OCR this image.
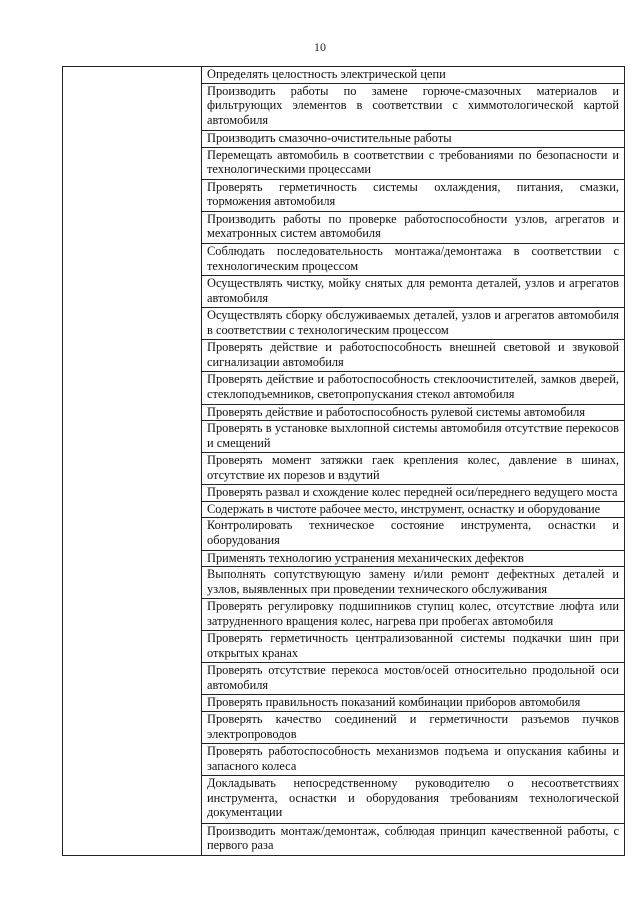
10
	Определять целостность электрической цепи
Производить работы по замене горюче-смазочных материалов и фильтрующих элементов в соответствии с химмотологической картой автомобиля
Производить смазочно-очистительные работы
Перемещать автомобиль в соответствии с требованиями по безопасности и технологическими процессами
Проверять герметичность системы охлаждения, питания, смазки, торможения автомобиля
Производить работы по проверке работоспособности узлов, агрегатов и мехатронных систем автомобиля
Соблюдать последовательность монтажа/демонтажа в соответствии с технологическим процессом
Осуществлять чистку, мойку снятых для ремонта деталей, узлов и агрегатов автомобиля
Осуществлять сборку обслуживаемых деталей, узлов и агрегатов автомобиля в соответствии с технологическим процессом
Проверять действие и работоспособность внешней световой и звуковой сигнализации автомобиля
Проверять действие и работоспособность стеклоочистителей, замков дверей, стеклоподъемников, светопропускания стекол автомобиля
Проверять действие и работоспособность рулевой системы автомобиля
Проверять в установке выхлопной системы автомобиля отсутствие перекосов и смещений
Проверять момент затяжки гаек крепления колес, давление в шинах, отсутствие их порезов и вздутий
Проверять развал и схождение колес передней оси/переднего ведущего моста
Содержать в чистоте рабочее место, инструмент, оснастку и оборудование
Контролировать техническое состояние инструмента, оснастки и оборудования
Применять технологию устранения механических дефектов
Выполнять сопутствующую замену и/или ремонт дефектных деталей и узлов, выявленных при проведении технического обслуживания
Проверять регулировку подшипников ступиц колес, отсутствие люфта или затрудненного вращения колес, нагрева при пробегах автомобиля
Проверять герметичность централизованной системы подкачки шин при открытых кранах
Проверять отсутствие перекоса мостов/осей относительно продольной оси автомобиля
Проверять правильность показаний комбинации приборов автомобиля
Проверять качество соединений и герметичности разъемов пучков электропроводов
Проверять работоспособность механизмов подъема и опускания кабины и запасного колеса
Докладывать непосредственному руководителю о несоответствиях инструмента, оснастки и оборудования требованиям технологической документации
Производить монтаж/демонтаж, соблюдая принцип качественной работы, с первого раза
